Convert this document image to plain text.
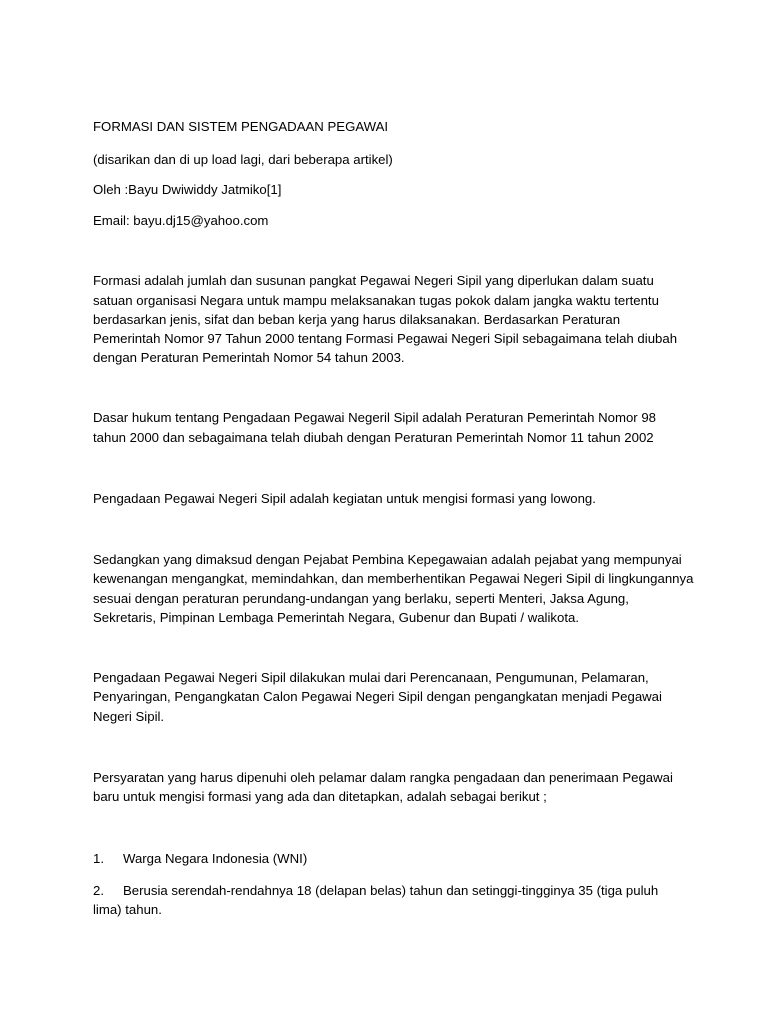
FORMASI DAN SISTEM PENGADAAN PEGAWAI
(disarikan dan di up load lagi, dari beberapa artikel)
Oleh :Bayu Dwiwiddy Jatmiko[1]
Email: bayu.dj15@yahoo.com
Formasi adalah jumlah dan susunan pangkat Pegawai Negeri Sipil yang diperlukan dalam suatu
satuan organisasi Negara untuk mampu melaksanakan tugas pokok dalam jangka waktu tertentu
berdasarkan jenis, sifat dan beban kerja yang harus dilaksanakan. Berdasarkan Peraturan
Pemerintah Nomor 97 Tahun 2000 tentang Formasi Pegawai Negeri Sipil sebagaimana telah diubah
dengan Peraturan Pemerintah Nomor 54 tahun 2003.
Dasar hukum tentang Pengadaan Pegawai Negeril Sipil adalah Peraturan Pemerintah Nomor 98
tahun 2000 dan sebagaimana telah diubah dengan Peraturan Pemerintah Nomor 11 tahun 2002
Pengadaan Pegawai Negeri Sipil adalah kegiatan untuk mengisi formasi yang lowong.
Sedangkan yang dimaksud dengan Pejabat Pembina Kepegawaian adalah pejabat yang mempunyai
kewenangan mengangkat, memindahkan, dan memberhentikan Pegawai Negeri Sipil di lingkungannya
sesuai dengan peraturan perundang-undangan yang berlaku, seperti Menteri, Jaksa Agung,
Sekretaris, Pimpinan Lembaga Pemerintah Negara, Gubenur dan Bupati / walikota.
Pengadaan Pegawai Negeri Sipil dilakukan mulai dari Perencanaan, Pengumunan, Pelamaran,
Penyaringan, Pengangkatan Calon Pegawai Negeri Sipil dengan pengangkatan menjadi Pegawai
Negeri Sipil.
Persyaratan yang harus dipenuhi oleh pelamar dalam rangka pengadaan dan penerimaan Pegawai
baru untuk mengisi formasi yang ada dan ditetapkan, adalah sebagai berikut ;
1. Warga Negara Indonesia (WNI)
2. Berusia serendah-rendahnya 18 (delapan belas) tahun dan setinggi-tingginya 35 (tiga puluh
lima) tahun.
